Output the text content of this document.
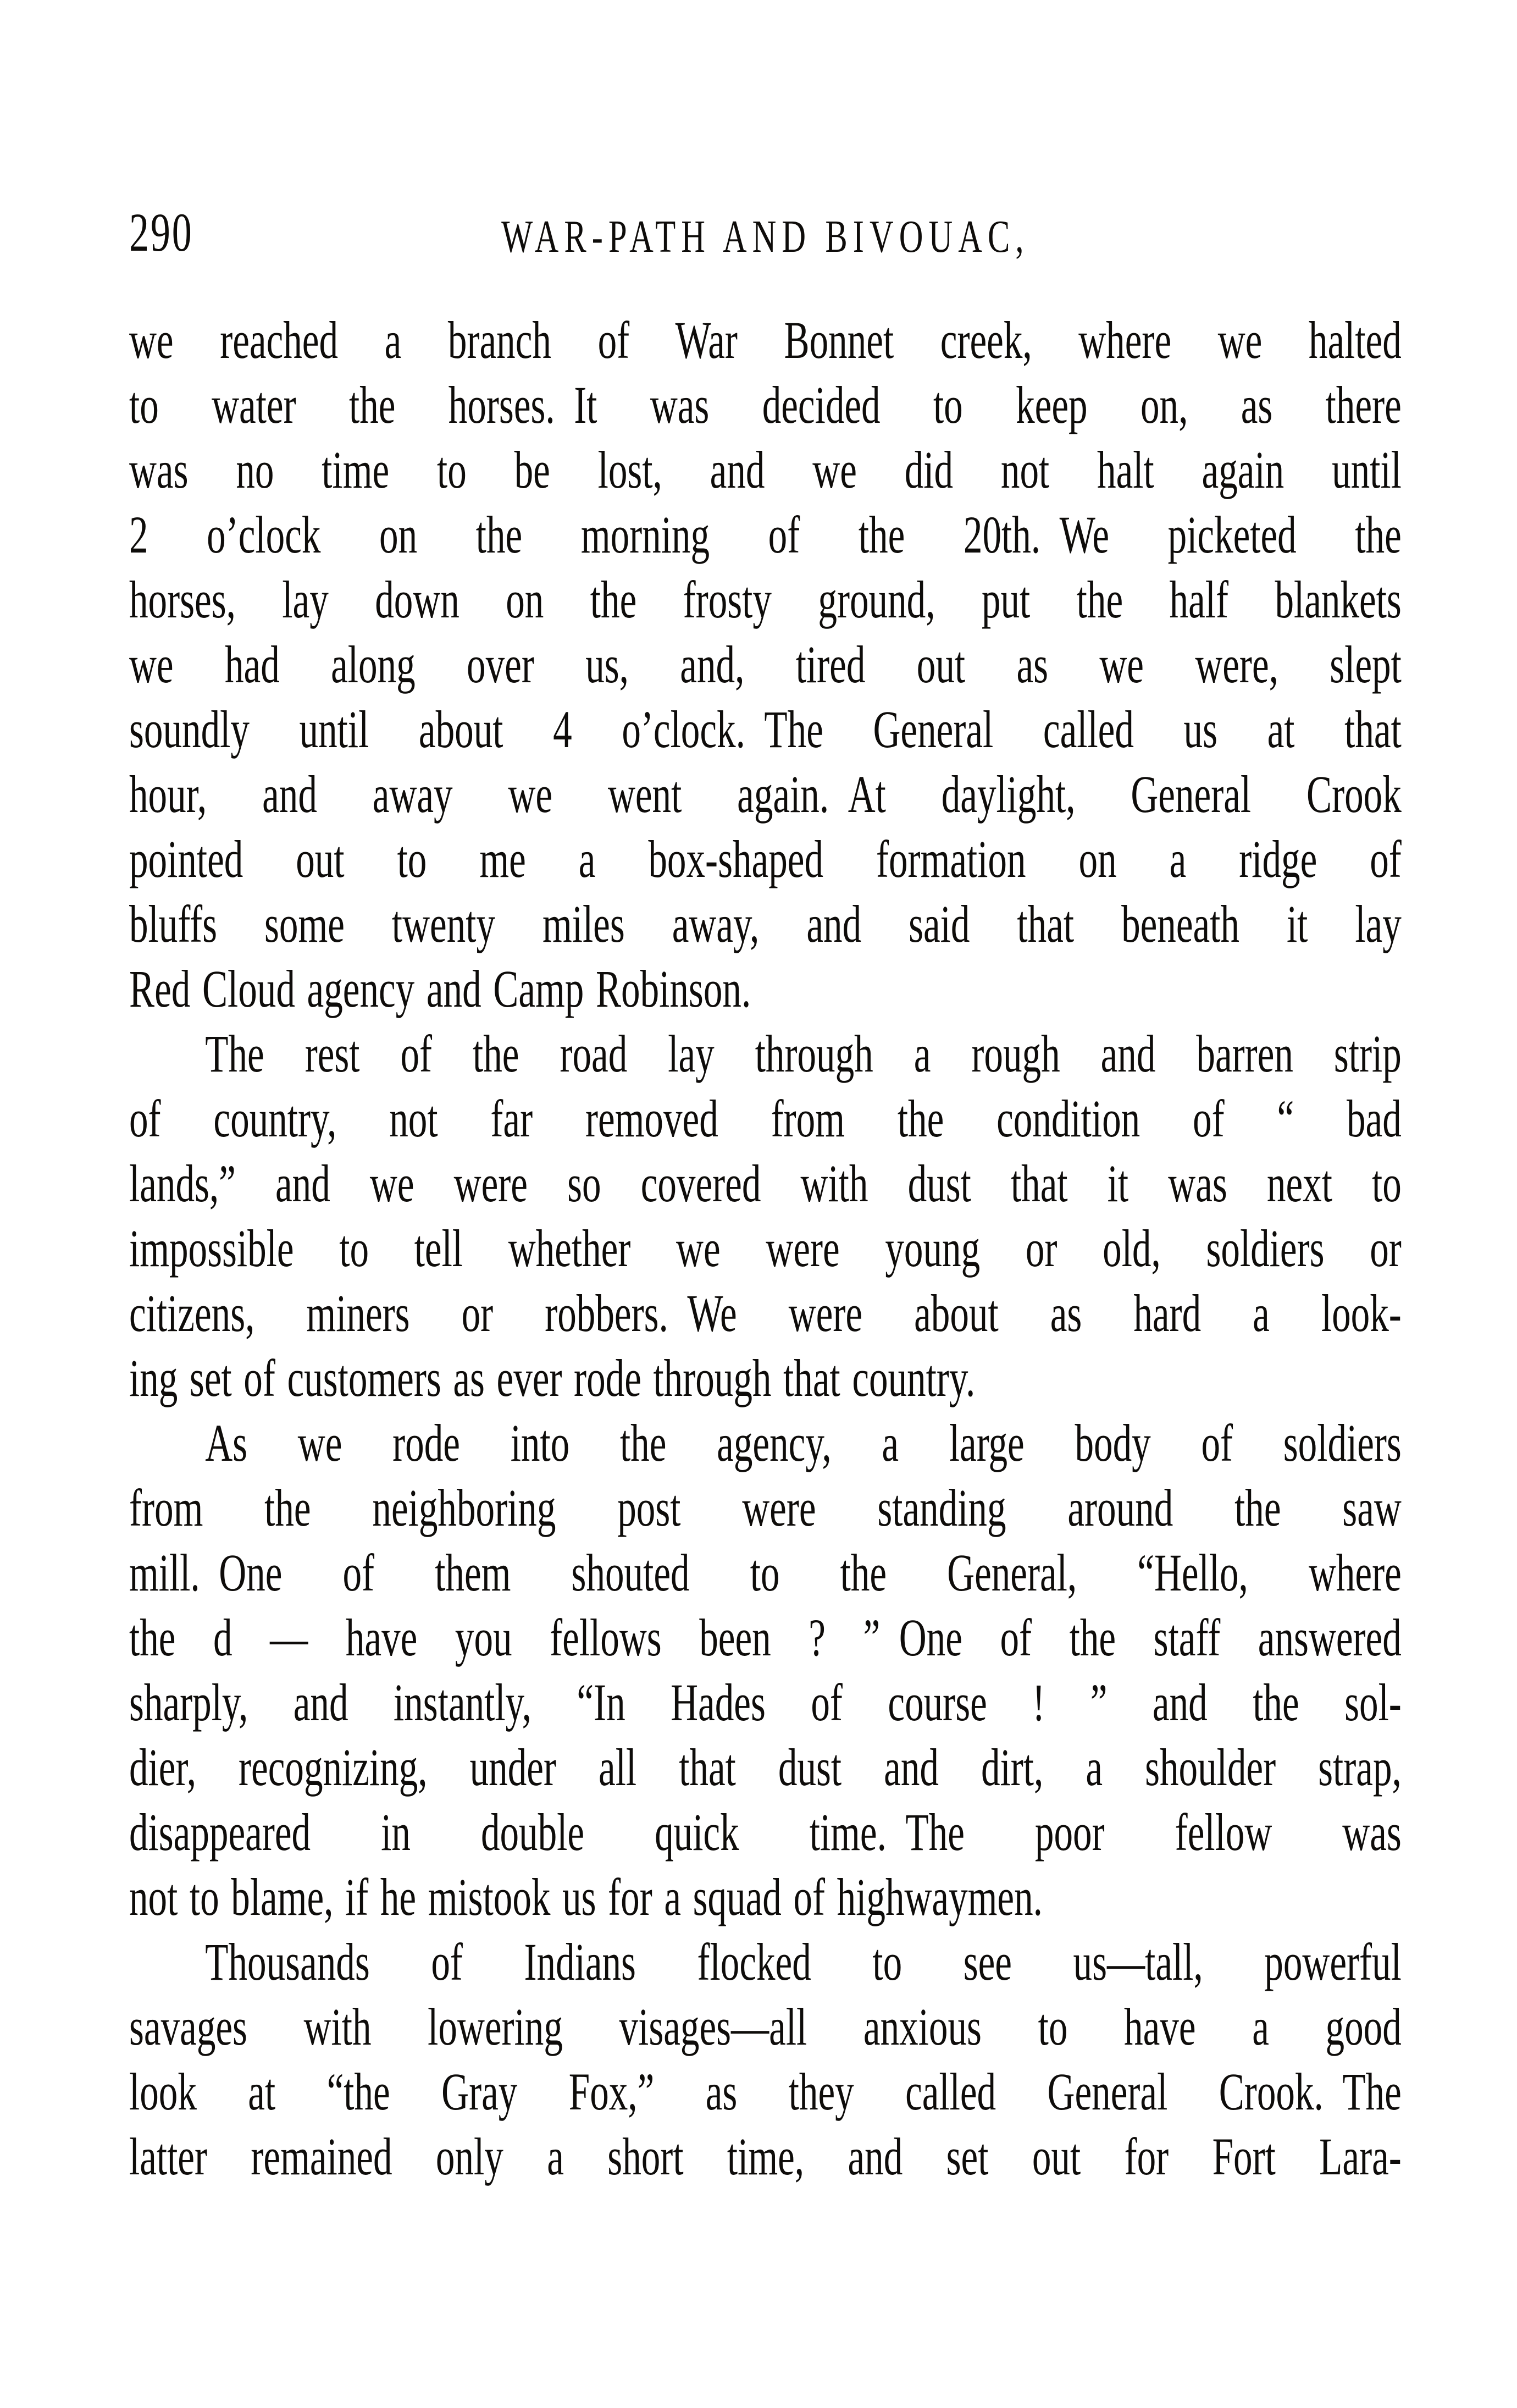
290	WAR-PATH AND BIVOUAC,
we reached a branch of War Bonnet creek, where we halted
to water the horses. It was decided to keep on, as there
was no time to be lost, and we did not halt again until
2 o’clock on the morning of the 20th. We picketed the
horses, lay down on the frosty ground, put the half blankets
we had along over us, and, tired out as we were, slept
soundly until about 4 o’clock. The General called us at that
hour, and away we went again. At daylight, General Crook
pointed out to me a box-shaped formation on a ridge of
bluffs some twenty miles away, and said that beneath it lay
Red Cloud agency and Camp Robinson.
The rest of the road lay through a rough and barren strip
of country, not far removed from the condition of “ bad
lands,” and we were so covered with dust that it was next to
impossible to tell whether we were young or old, soldiers or
citizens, miners or robbers. We were about as hard a look-
ing set of customers as ever rode through that country.
As we rode into the agency, a large body of soldiers
from the neighboring post were standing around the saw
mill. One of them shouted to the General, “Hello, where
the d — have you fellows been ? ” One of the staff answered
sharply, and instantly, “In Hades of course ! ” and the sol-
dier, recognizing, under all that dust and dirt, a shoulder strap,
disappeared in double quick time. The poor fellow was
not to blame, if he mistook us for a squad of highwaymen.
Thousands of Indians flocked to see us—tall, powerful
savages with lowering visages—all anxious to have a good
look at “the Gray Fox,” as they called General Crook. The
latter remained only a short time, and set out for Fort Lara-
